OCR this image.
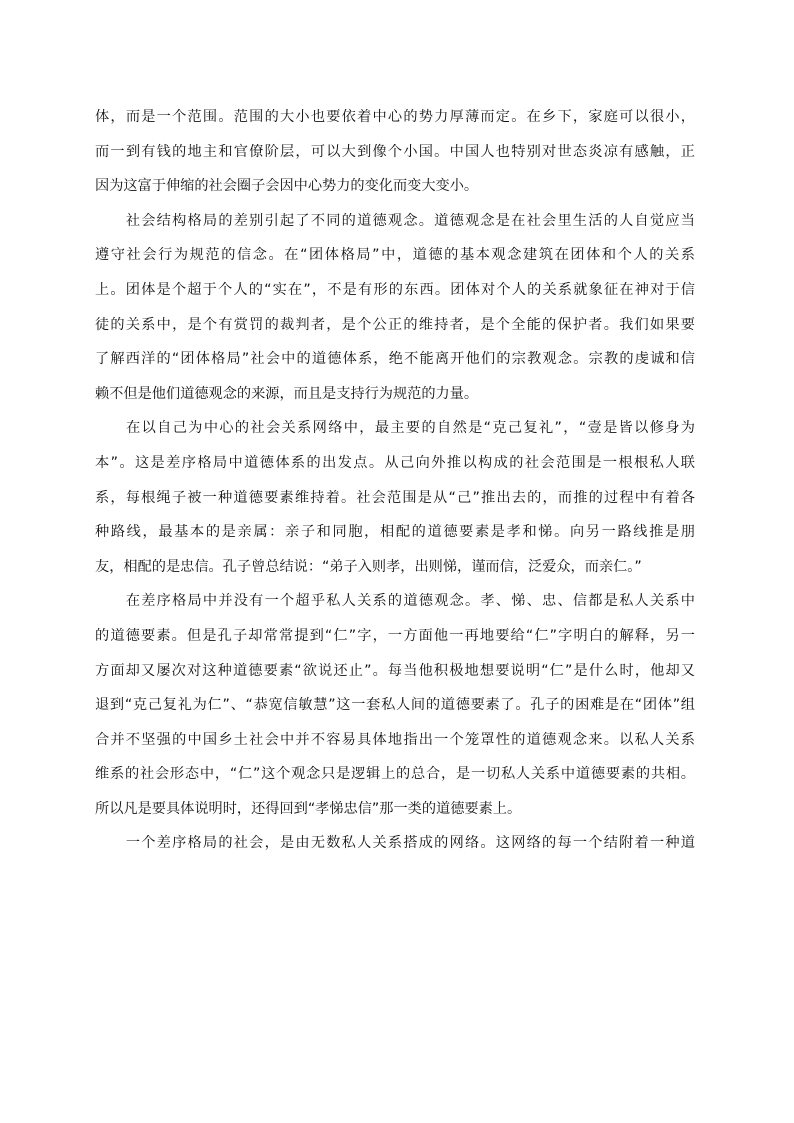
体，而是一个范围。范围的大小也要依着中心的势力厚薄而定。在乡下，家庭可以很小，
而一到有钱的地主和官僚阶层，可以大到像个小国。中国人也特别对世态炎凉有感触，正
因为这富于伸缩的社会圈子会因中心势力的变化而变大变小。

　　社会结构格局的差别引起了不同的道德观念。道德观念是在社会里生活的人自觉应当
遵守社会行为规范的信念。在“团体格局”中，道德的基本观念建筑在团体和个人的关系
上。团体是个超于个人的“实在”，不是有形的东西。团体对个人的关系就象征在神对于信
徒的关系中，是个有赏罚的裁判者，是个公正的维持者，是个全能的保护者。我们如果要
了解西洋的“团体格局”社会中的道德体系，绝不能离开他们的宗教观念。宗教的虔诚和信
赖不但是他们道德观念的来源，而且是支持行为规范的力量。

　　在以自己为中心的社会关系网络中，最主要的自然是“克己复礼”，“壹是皆以修身为
本”。这是差序格局中道德体系的出发点。从己向外推以构成的社会范围是一根根私人联
系，每根绳子被一种道德要素维持着。社会范围是从“己”推出去的，而推的过程中有着各
种路线，最基本的是亲属：亲子和同胞，相配的道德要素是孝和悌。向另一路线推是朋
友，相配的是忠信。孔子曾总结说：“弟子入则孝，出则悌，谨而信，泛爱众，而亲仁。”

　　在差序格局中并没有一个超乎私人关系的道德观念。孝、悌、忠、信都是私人关系中
的道德要素。但是孔子却常常提到“仁”字，一方面他一再地要给“仁”字明白的解释，另一
方面却又屡次对这种道德要素“欲说还止”。每当他积极地想要说明“仁”是什么时，他却又
退到“克己复礼为仁”、“恭宽信敏慧”这一套私人间的道德要素了。孔子的困难是在“团体”组
合并不坚强的中国乡土社会中并不容易具体地指出一个笼罩性的道德观念来。以私人关系
维系的社会形态中，“仁”这个观念只是逻辑上的总合，是一切私人关系中道德要素的共相。
所以凡是要具体说明时，还得回到“孝悌忠信”那一类的道德要素上。

　　一个差序格局的社会，是由无数私人关系搭成的网络。这网络的每一个结附着一种道
